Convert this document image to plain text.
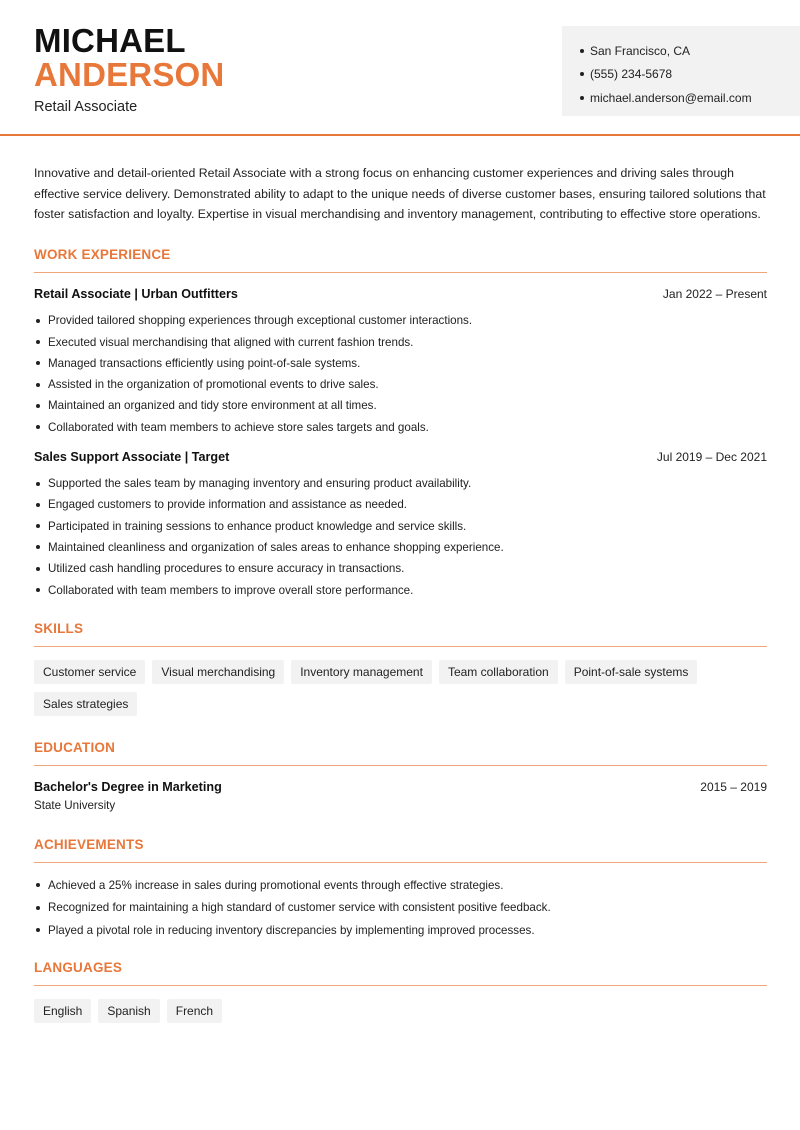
MICHAEL
ANDERSON
Retail Associate
San Francisco, CA
(555) 234-5678
michael.anderson@email.com

Innovative and detail-oriented Retail Associate with a strong focus on enhancing customer experiences and driving sales through effective service delivery. Demonstrated ability to adapt to the unique needs of diverse customer bases, ensuring tailored solutions that foster satisfaction and loyalty. Expertise in visual merchandising and inventory management, contributing to effective store operations.

WORK EXPERIENCE
Retail Associate | Urban Outfitters	Jan 2022 – Present
Provided tailored shopping experiences through exceptional customer interactions.
Executed visual merchandising that aligned with current fashion trends.
Managed transactions efficiently using point-of-sale systems.
Assisted in the organization of promotional events to drive sales.
Maintained an organized and tidy store environment at all times.
Collaborated with team members to achieve store sales targets and goals.
Sales Support Associate | Target	Jul 2019 – Dec 2021
Supported the sales team by managing inventory and ensuring product availability.
Engaged customers to provide information and assistance as needed.
Participated in training sessions to enhance product knowledge and service skills.
Maintained cleanliness and organization of sales areas to enhance shopping experience.
Utilized cash handling procedures to ensure accuracy in transactions.
Collaborated with team members to improve overall store performance.
SKILLS
Customer service	Visual merchandising	Inventory management	Team collaboration	Point-of-sale systems
Sales strategies
EDUCATION
Bachelor's Degree in Marketing	2015 – 2019
State University
ACHIEVEMENTS
Achieved a 25% increase in sales during promotional events through effective strategies.
Recognized for maintaining a high standard of customer service with consistent positive feedback.
Played a pivotal role in reducing inventory discrepancies by implementing improved processes.
LANGUAGES
English	Spanish	French
